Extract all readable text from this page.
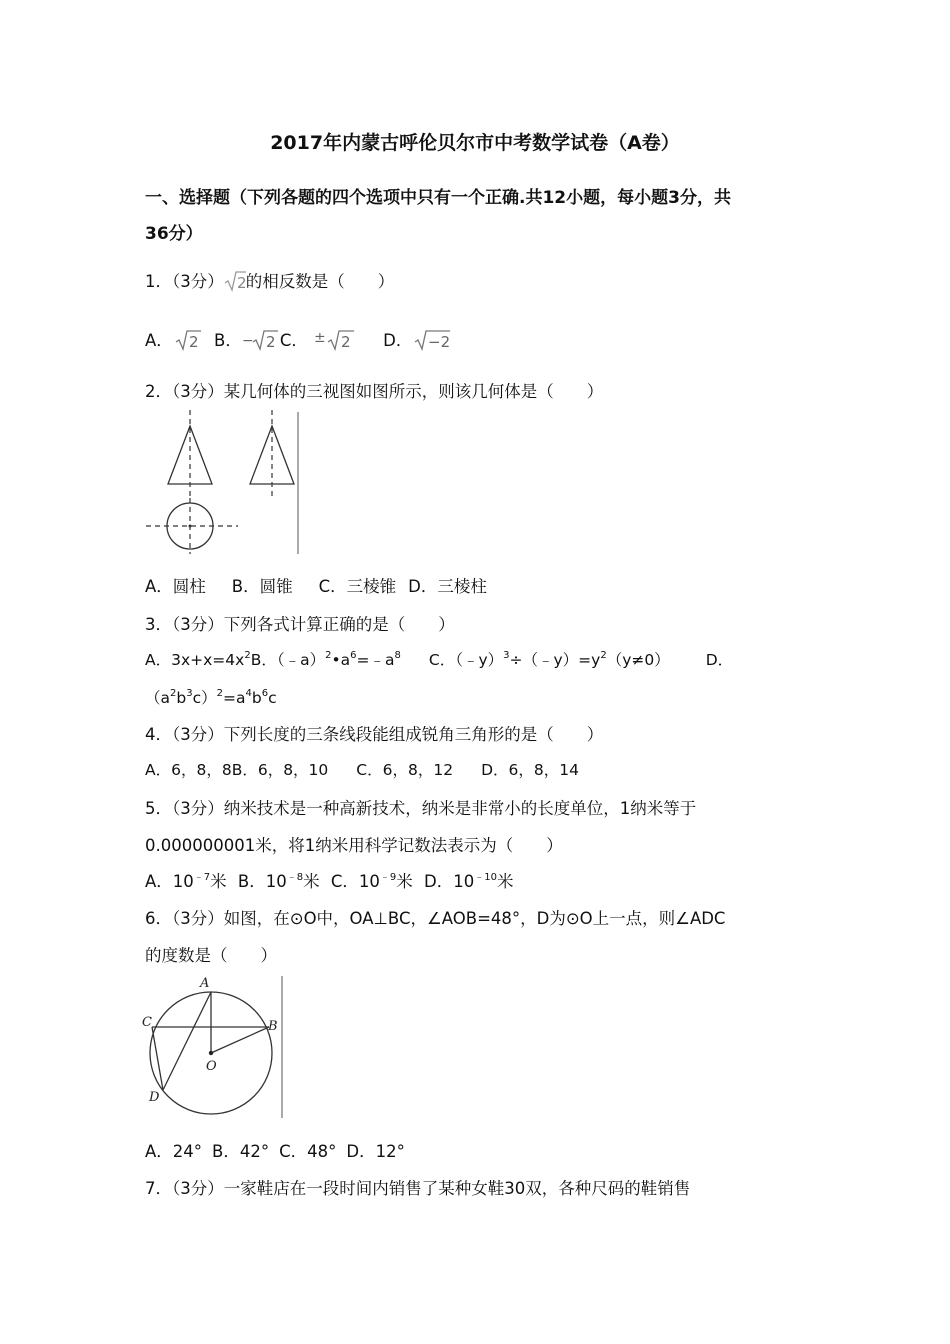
2017年内蒙古呼伦贝尔市中考数学试卷（A卷）
一、选择题（下列各题的四个选项中只有一个正确.共12小题，每小题3分，共
36分）
1．（3分） 2 的相反数是（　　）
A． 2 B． − 2 C． ± 2 D． −2
2．（3分）某几何体的三视图如图所示，则该几何体是（　　）
A．圆柱 B．圆锥 C．三棱锥 D．三棱柱
3．（3分）下列各式计算正确的是（　　）
A．$3x+x=4x^2B$．$(﹣a)^2•a^6=﹣a^8$ C．$(﹣y)^3\div(﹣y)=y^2(y\ne 0)$ D．
$(a^2b^3c)^2=a^4b^6c$
4．（3分）下列长度的三条线段能组成锐角三角形的是（　　）
A．6，8，8B．6，8，10 C．6，8，12 D．6，8，14
5．（3分）纳米技术是一种高新技术，纳米是非常小的长度单位，1纳米等于
0.000000001米，将1纳米用科学记数法表示为（　　）
A．$10^{﹣7}$米 B．$10^{﹣8}$米 C．$10^{﹣9}$米 D．$10^{﹣10}$米
6．（3分）如图，在⊙O中，OA⊥BC，∠AOB=48°，D为⊙O上一点，则∠ADC
的度数是（　　）
A
C	B
O
D
A．24° B．42° C．48° D．12°
7．（3分）一家鞋店在一段时间内销售了某种女鞋30双，各种尺码的鞋销售
